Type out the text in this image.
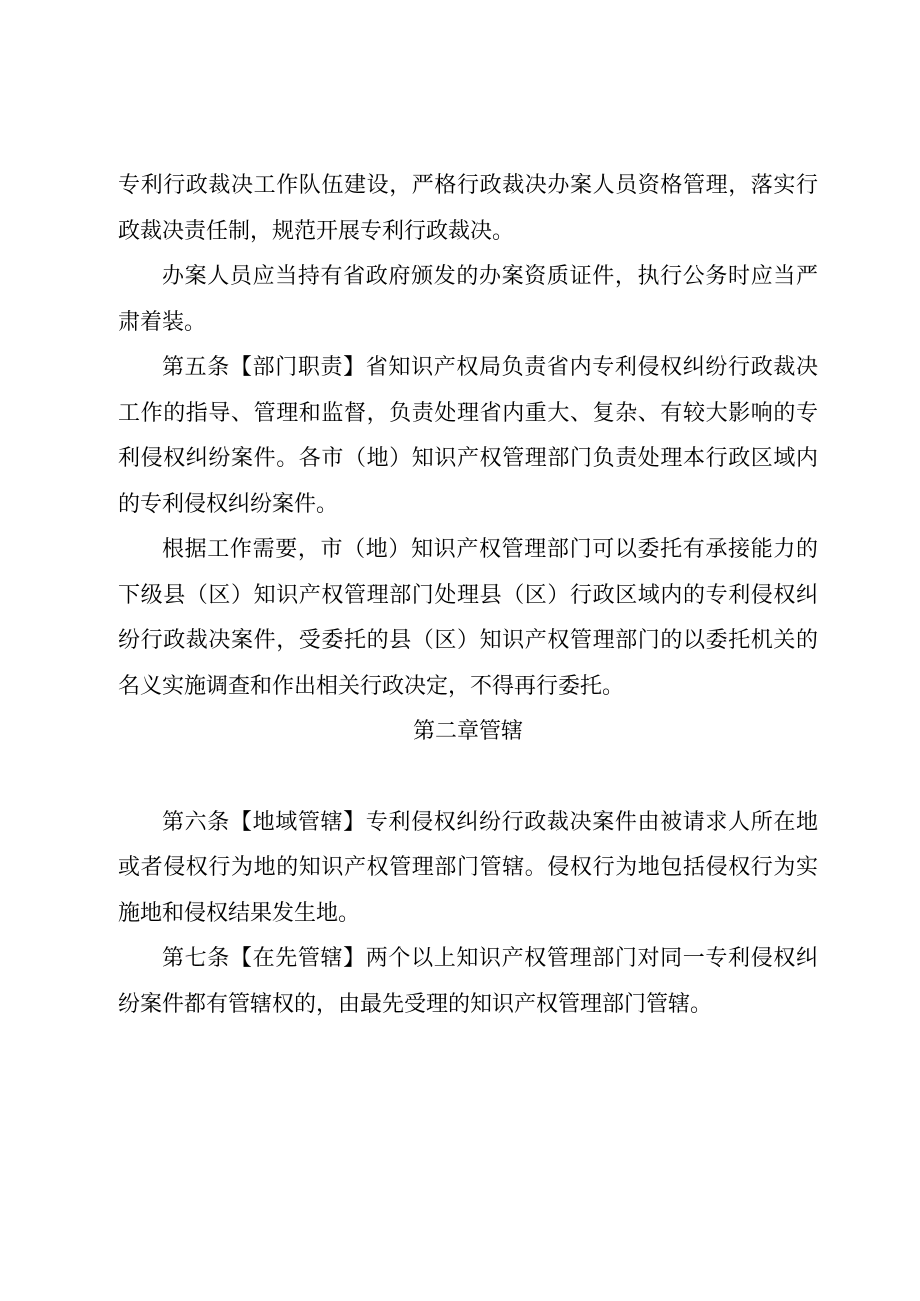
专利行政裁决工作队伍建设，严格行政裁决办案人员资格管理，落实行政裁决责任制，规范开展专利行政裁决。

办案人员应当持有省政府颁发的办案资质证件，执行公务时应当严肃着装。

第五条【部门职责】省知识产权局负责省内专利侵权纠纷行政裁决工作的指导、管理和监督，负责处理省内重大、复杂、有较大影响的专利侵权纠纷案件。各市（地）知识产权管理部门负责处理本行政区域内的专利侵权纠纷案件。

根据工作需要，市（地）知识产权管理部门可以委托有承接能力的下级县（区）知识产权管理部门处理县（区）行政区域内的专利侵权纠纷行政裁决案件，受委托的县（区）知识产权管理部门的以委托机关的名义实施调查和作出相关行政决定，不得再行委托。

第二章管辖

第六条【地域管辖】专利侵权纠纷行政裁决案件由被请求人所在地或者侵权行为地的知识产权管理部门管辖。侵权行为地包括侵权行为实施地和侵权结果发生地。

第七条【在先管辖】两个以上知识产权管理部门对同一专利侵权纠纷案件都有管辖权的，由最先受理的知识产权管理部门管辖。
